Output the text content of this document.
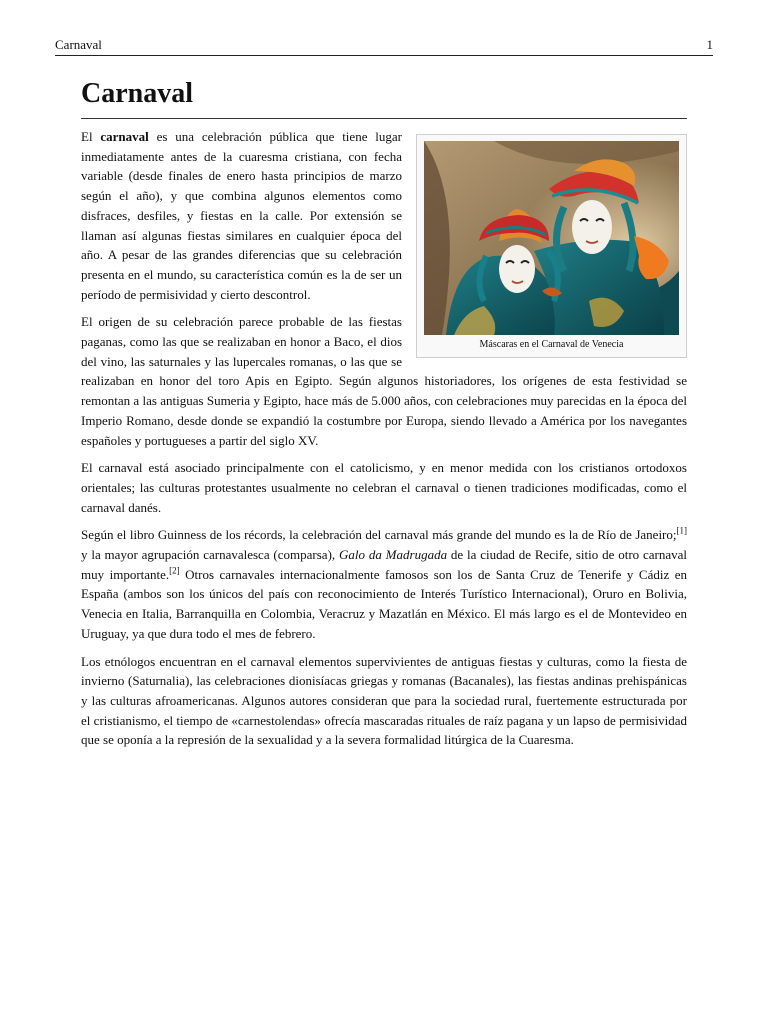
Carnaval	1
Carnaval
Máscaras en el Carnaval de Venecia

El carnaval es una celebración pública que tiene lugar inmediatamente antes de la cuaresma cristiana, con fecha variable (desde finales de enero hasta principios de marzo según el año), y que combina algunos elementos como disfraces, desfiles, y fiestas en la calle. Por extensión se llaman así algunas fiestas similares en cualquier época del año. A pesar de las grandes diferencias que su celebración presenta en el mundo, su característica común es la de ser un período de permisividad y cierto descontrol.

El origen de su celebración parece probable de las fiestas paganas, como las que se realizaban en honor a Baco, el dios del vino, las saturnales y las lupercales romanas, o las que se realizaban en honor del toro Apis en Egipto. Según algunos historiadores, los orígenes de esta festividad se remontan a las antiguas Sumeria y Egipto, hace más de 5.000 años, con celebraciones muy parecidas en la época del Imperio Romano, desde donde se expandió la costumbre por Europa, siendo llevado a América por los navegantes españoles y portugueses a partir del siglo XV.

El carnaval está asociado principalmente con el catolicismo, y en menor medida con los cristianos ortodoxos orientales; las culturas protestantes usualmente no celebran el carnaval o tienen tradiciones modificadas, como el carnaval danés.

Según el libro Guinness de los récords, la celebración del carnaval más grande del mundo es la de Río de Janeiro;[1] y la mayor agrupación carnavalesca (comparsa), Galo da Madrugada de la ciudad de Recife, sitio de otro carnaval muy importante.[2] Otros carnavales internacionalmente famosos son los de Santa Cruz de Tenerife y Cádiz en España (ambos son los únicos del país con reconocimiento de Interés Turístico Internacional), Oruro en Bolivia, Venecia en Italia, Barranquilla en Colombia, Veracruz y Mazatlán en México. El más largo es el de Montevideo en Uruguay, ya que dura todo el mes de febrero.

Los etnólogos encuentran en el carnaval elementos supervivientes de antiguas fiestas y culturas, como la fiesta de invierno (Saturnalia), las celebraciones dionisíacas griegas y romanas (Bacanales), las fiestas andinas prehispánicas y las culturas afroamericanas. Algunos autores consideran que para la sociedad rural, fuertemente estructurada por el cristianismo, el tiempo de «carnestolendas» ofrecía mascaradas rituales de raíz pagana y un lapso de permisividad que se oponía a la represión de la sexualidad y a la severa formalidad litúrgica de la Cuaresma.
